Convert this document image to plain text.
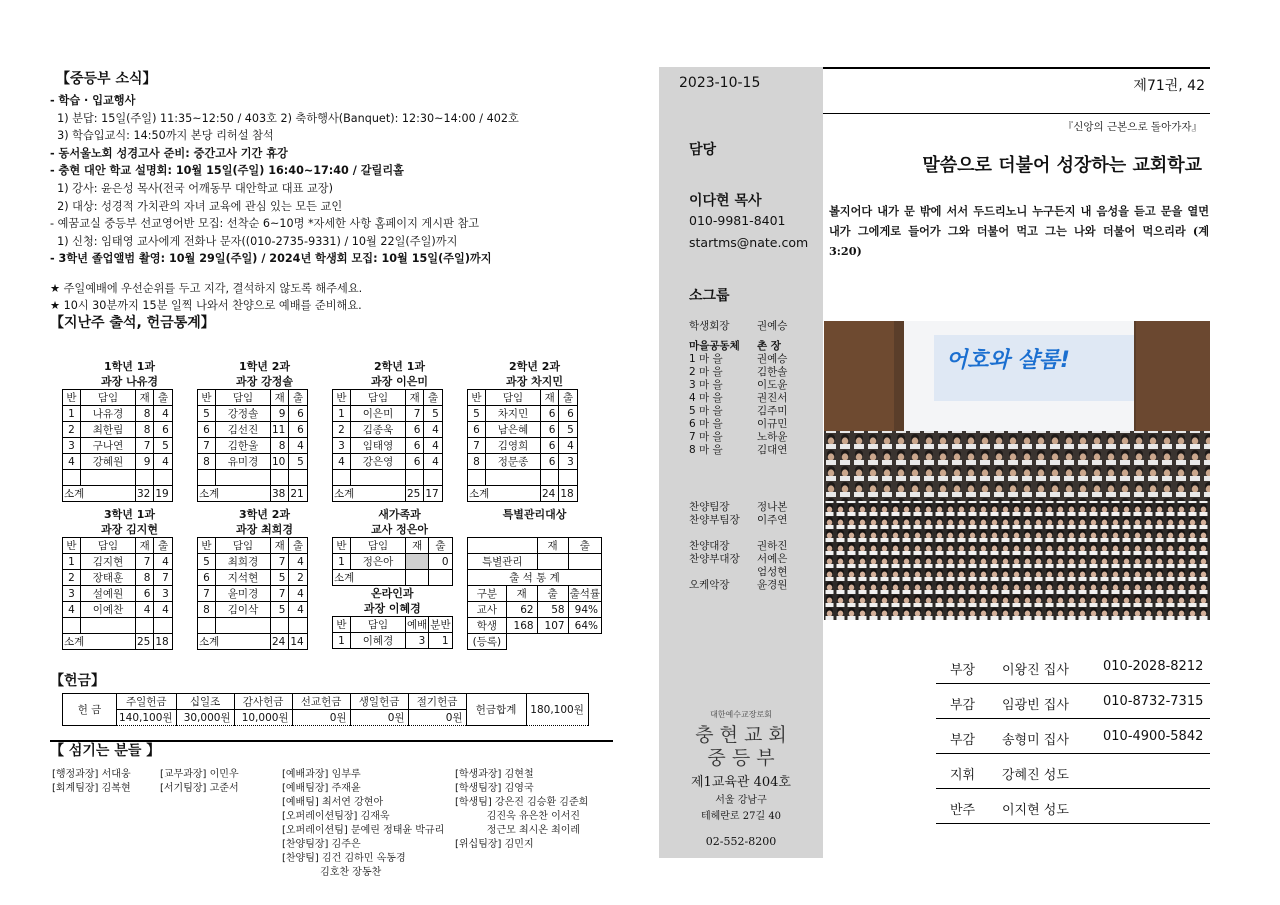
【중등부 소식】
- 학습 · 입교행사
1) 분답: 15일(주일) 11:35~12:50 / 403호 2) 축하행사(Banquet): 12:30~14:00 / 402호
3) 학습입교식: 14:50까지 본당 리허설 참석
- 동서울노회 성경고사 준비: 중간고사 기간 휴강
- 충현 대안 학교 설명회: 10월 15일(주일) 16:40~17:40 / 갈릴리홀
1) 강사: 윤은성 목사(전국 어깨동무 대안학교 대표 교장)
2) 대상: 성경적 가치관의 자녀 교육에 관심 있는 모든 교인
- 예꿈교실 중등부 선교영어반 모집: 선착순 6~10명 *자세한 사항 홈페이지 게시판 참고
1) 신청: 임태영 교사에게 전화나 문자((010-2735-9331) / 10월 22일(주일)까지
- 3학년 졸업앨범 촬영: 10월 29일(주일) / 2024년 학생회 모집: 10월 15일(주일)까지
★ 주일예배에 우선순위를 두고 지각, 결석하지 않도록 해주세요.
★ 10시 30분까지 15분 일찍 나와서 찬양으로 예배를 준비해요.
【지난주 출석, 헌금통계】
1학년 1과
과장 나유경
반	담임	재	출
1	나유경	8	4
2	최한림	8	6
3	구나연	7	5
4	강혜원	9	4

소계		32	19
1학년 2과
과장 강정솔
반	담임	재	출
5	강정솔	9	6
6	김선진	11	6
7	김한울	8	4
8	유미경	10	5

소계		38	21
2학년 1과
과장 이은미
반	담임	재	출
1	이은미	7	5
2	김종욱	6	4
3	임태영	6	4
4	강은영	6	4

소계		25	17
2학년 2과
과장 차지민
반	담임	재	출
5	차지민	6	6
6	남은혜	6	5
7	김영희	6	4
8	정문종	6	3

소계		24	18
3학년 1과
과장 김지현
반	담임	재	출
1	김지현	7	4
2	장태훈	8	7
3	설예원	6	3
4	이예찬	4	4

소계		25	18
3학년 2과
과장 최희경
반	담임	재	출
5	최희경	7	4
6	지석현	5	2
7	윤미경	7	4
8	김이삭	5	4

소계		24	14
새가족과
교사 정은아
반	담임	재	출
1	정은아		0
소계			

온라인과
과장 이혜경			

반	담임	예배	분반
1	이혜경	3	1
특별관리대상
		재	출
특별관리			
출 석 통 계			
구분	재	출	출석률
교사	62	58	94%
학생	168	107	64%
(등록)			
【헌금】
헌 금	주일헌금	십일조	감사헌금	선교헌금	생일헌금	절기헌금	헌금합계	180,100원
	140,100원	30,000원	10,000원	0원	0원	0원		
【 섬기는 분들 】
[행정과장] 서대웅
[회계팀장] 김복현
[교무과장] 이민우
[서기팀장] 고준서
[예배과장] 임부루
[예배팀장] 주재윤
[예배팀] 최서연 강현아
[오퍼레이션팀장] 김재욱
[오퍼레이션팀] 문예린 정태윤 박규리
[찬양팀장] 김주은
[찬양팀] 김건 김하민 옥동경
김호찬 장동찬
[학생과장] 김현철
[학생팀장] 김영국
[학생팀] 강은진 김승환 김준희
김진욱 유은찬 이서진
정근모 최시온 최이레
[위십팀장] 김민지
2023-10-15
담당
이다현 목사
010-9981-8401
startms@nate.com
소그룹
학생회장	권예승
마을공동체 촌 장
1 마 을	권예승
2 마 을	김한솔
3 마 을	이도윤
4 마 을	권진서
5 마 을	김주미
6 마 을	이규민
7 마 을	노하윤
8 마 을	김대연
찬양팀장	정나본
찬양부팀장 이주연
찬양대장	권하진
찬양부대장 서예은
엄성현
오케악장	윤경원
대한예수교장로회
충 현 교 회
중 등 부
제1교육관 404호
서울 강남구
테헤란로 27길 40
02-552-8200
제71권, 42
『신앙의 근본으로 돌아가자』
말씀으로 더불어 성장하는 교회학교
볼지어다 내가 문 밖에 서서 두드리노니 누구든지 내 음성을 듣고 문을 열면 내가 그에게로 들어가 그와 더불어 먹고 그는 나와 더불어 먹으리라 (계 3:20)
어호와 샬롬!
부장 이왕진 집사	010-2028-8212
부감 임광빈 집사	010-8732-7315
부감 송형미 집사	010-4900-5842
지휘 강혜진 성도
반주 이지현 성도
